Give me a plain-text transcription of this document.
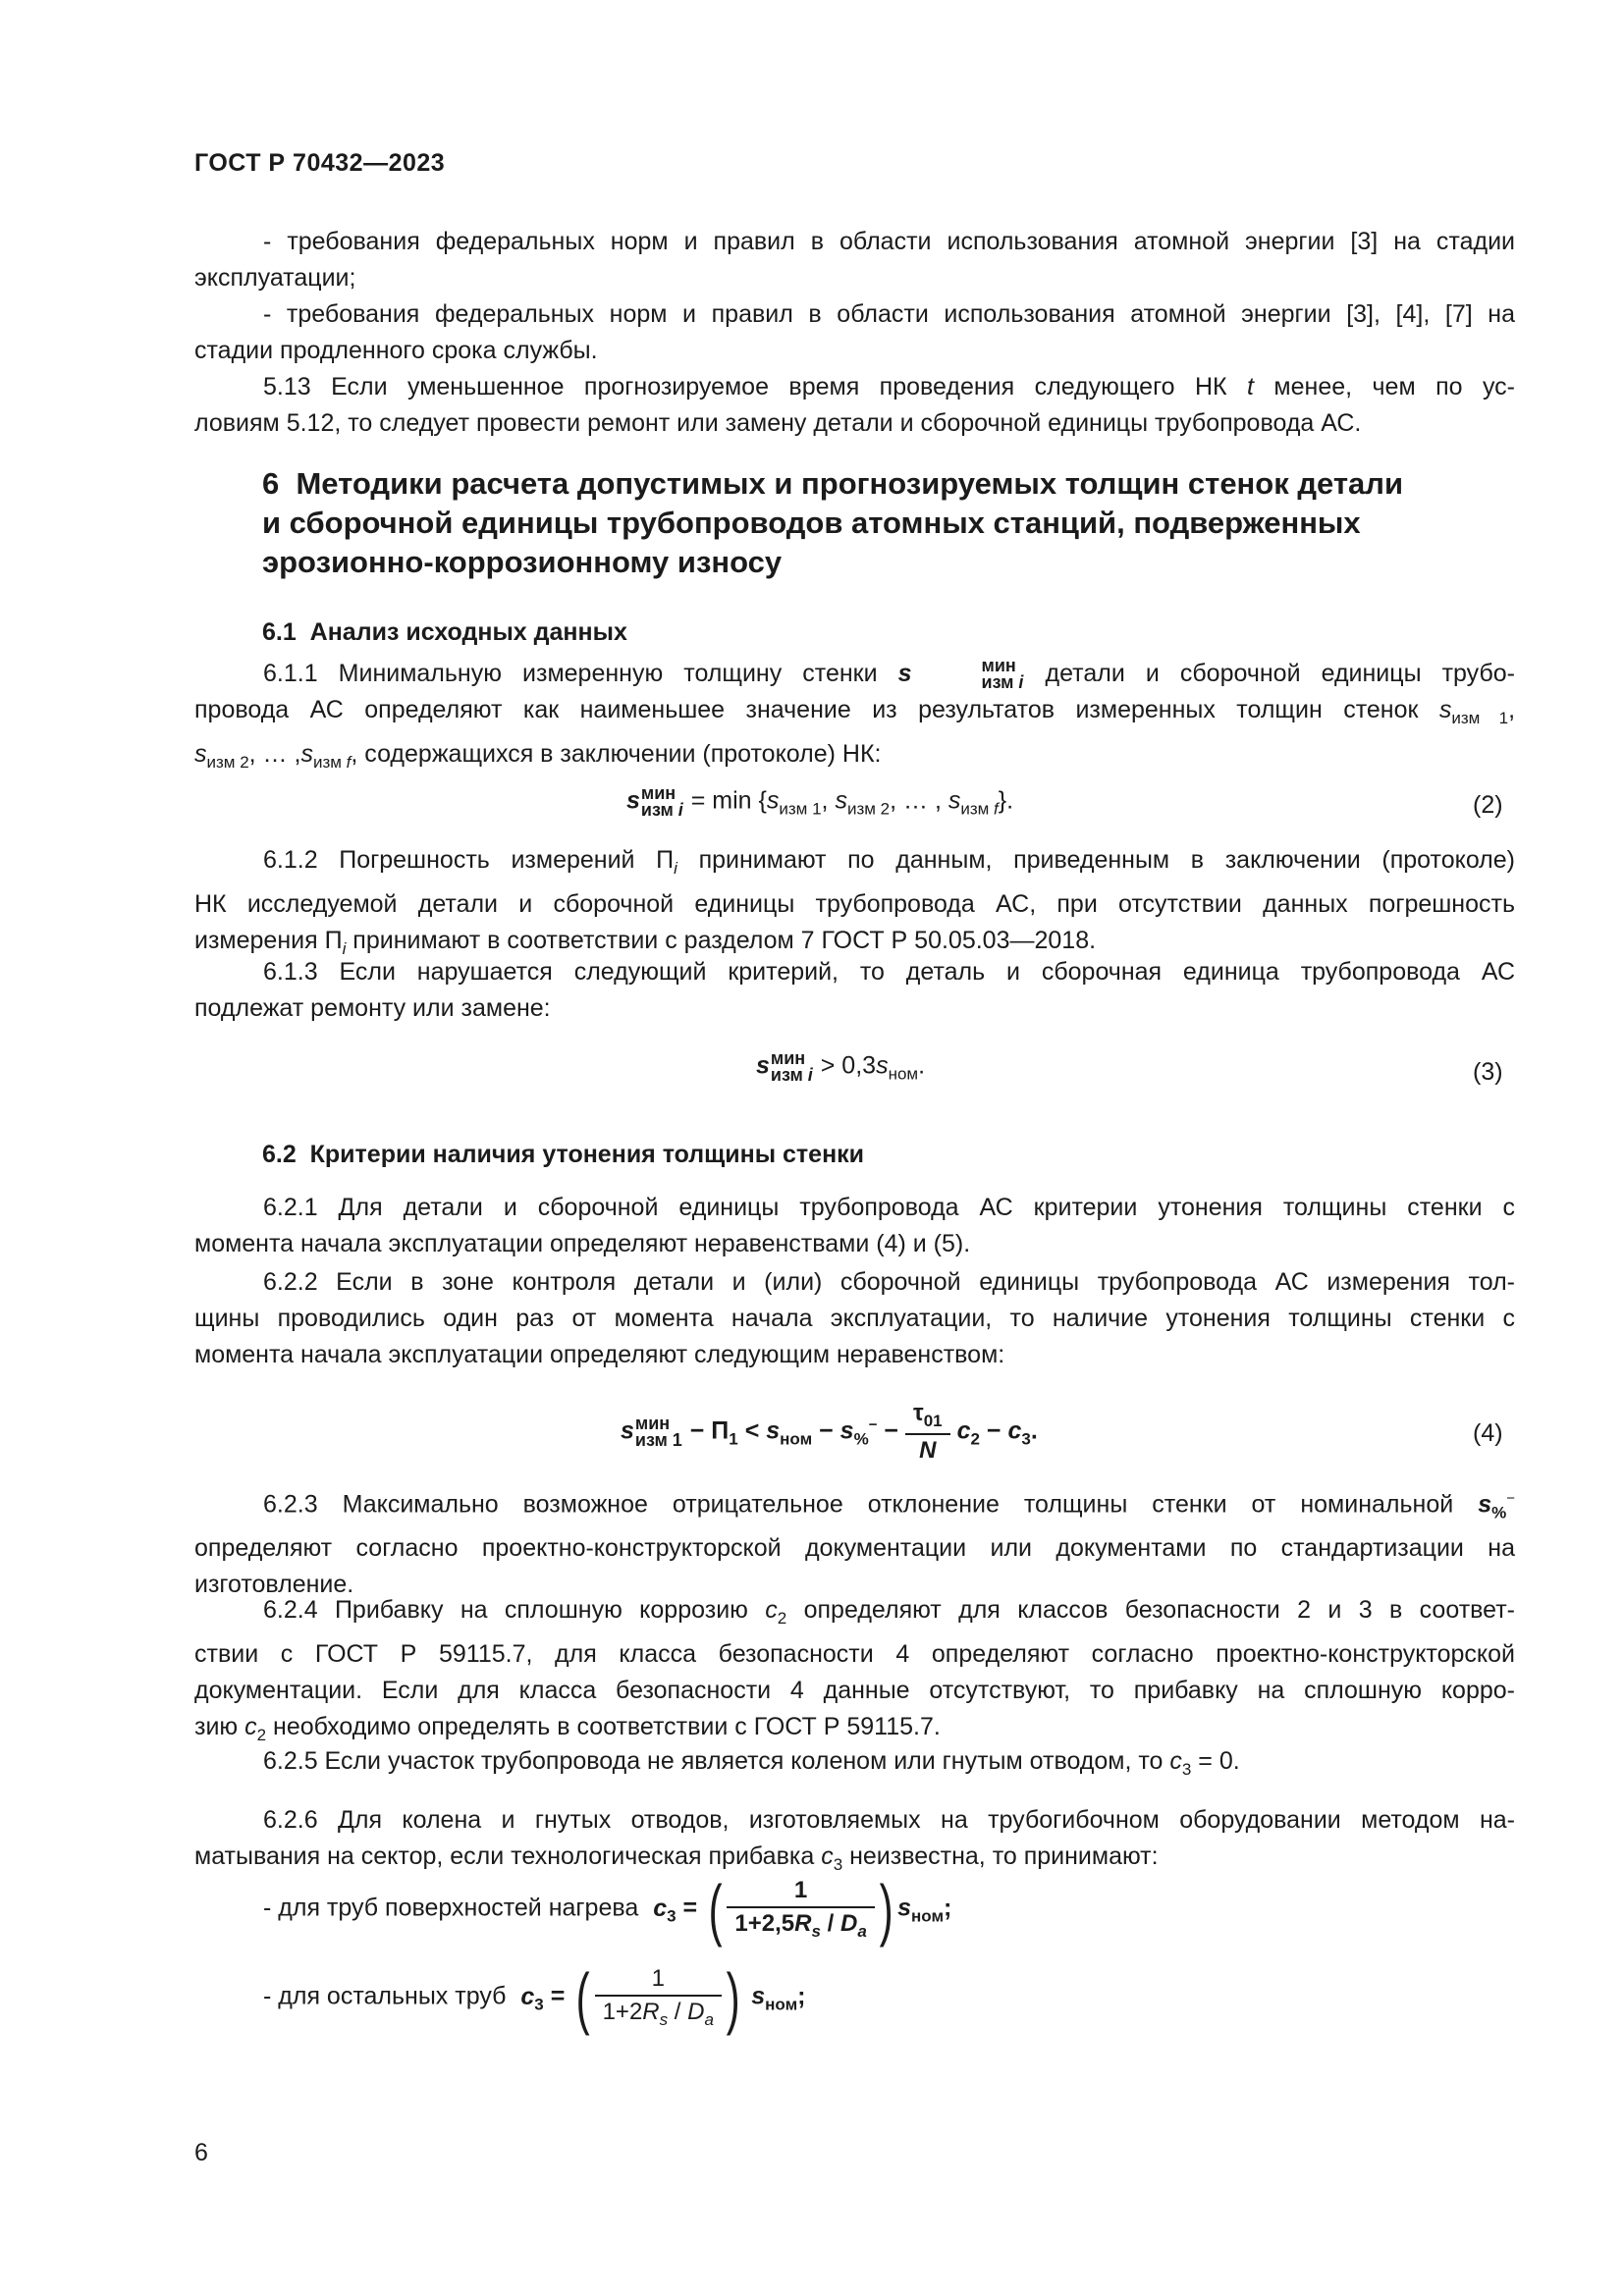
ГОСТ Р 70432—2023
- требования федеральных норм и правил в области использования атомной энергии [3] на стадии
эксплуатации;
- требования федеральных норм и правил в области использования атомной энергии [3], [4], [7] на
стадии продленного срока службы.
5.13 Если уменьшенное прогнозируемое время проведения следующего НК t менее, чем по ус-
ловиям 5.12, то следует провести ремонт или замену детали и сборочной единицы трубопровода АС.
6  Методики расчета допустимых и прогнозируемых толщин стенок детали
и сборочной единицы трубопроводов атомных станций, подверженных
эрозионно-коррозионному износу
6.1  Анализ исходных данных
6.1.1 Минимальную измеренную толщину стенки s	мин
изм i детали и сборочной единицы трубо-
провода АС определяют как наименьшее значение из результатов измеренных толщин стенок $s_{изм 1}$,
$s_{изм 2}$, … $,s_{изм f}$, содержащихся в заключении (протоколе) НК:
s мин
изм $i = \min \{s_{изм 1}$, $s_{изм 2}$, … , $s_{изм f}$}.	(2)
6.1.2 Погрешность измерений $П_i$ принимают по данным, приведенным в заключении (протоколе)
НК исследуемой детали и сборочной единицы трубопровода АС, при отсутствии данных погрешность
измерения $П_i$ принимают в соответствии с разделом 7 ГОСТ Р 50.05.03—2018.
6.1.3 Если нарушается следующий критерий, то деталь и сборочная единица трубопровода АС
подлежат ремонту или замене:
s мин
изм $i > 0,3s_{ном}$.	(3)
6.2  Критерии наличия утонения толщины стенки
6.2.1 Для детали и сборочной единицы трубопровода АС критерии утонения толщины стенки с
момента начала эксплуатации определяют неравенствами (4) и (5).
6.2.2 Если в зоне контроля детали и (или) сборочной единицы трубопровода АС измерения тол-
щины проводились один раз от момента начала эксплуатации, то наличие утонения толщины стенки с
момента начала эксплуатации определяют следующим неравенством:
s мин
изм $1 - П_1 < s_{ном} - s_{\%}^- - \frac{\tau_{01}}{N} c_2 - c_3$.	(4)
6.2.3 Максимально возможное отрицательное отклонение толщины стенки от номинальной $s_{\%}^-$
определяют согласно проектно-конструкторской документации или документами по стандартизации на
изготовление.
6.2.4 Прибавку на сплошную коррозию $c_2$ определяют для классов безопасности 2 и 3 в соответ-
ствии с ГОСТ Р 59115.7, для класса безопасности 4 определяют согласно проектно-конструкторской
документации. Если для класса безопасности 4 данные отсутствуют, то прибавку на сплошную корро-
зию $c_2$ необходимо определять в соответствии с ГОСТ Р 59115.7.
6.2.5 Если участок трубопровода не является коленом или гнутым отводом, то $c_3 = 0$.
6.2.6 Для колена и гнутых отводов, изготовляемых на трубогибочном оборудовании методом на-
матывания на сектор, если технологическая прибавка $c_3$ неизвестна, то принимают:
- для труб поверхностей нагрева $c_3$ = ( $\frac{1}{1+2,5R_s / D_a}$ ) $s_{ном}$;
- для остальных труб $c_3$ = ( $\frac{1}{1+2R_s / D_a}$ ) $s_{ном}$;
6
